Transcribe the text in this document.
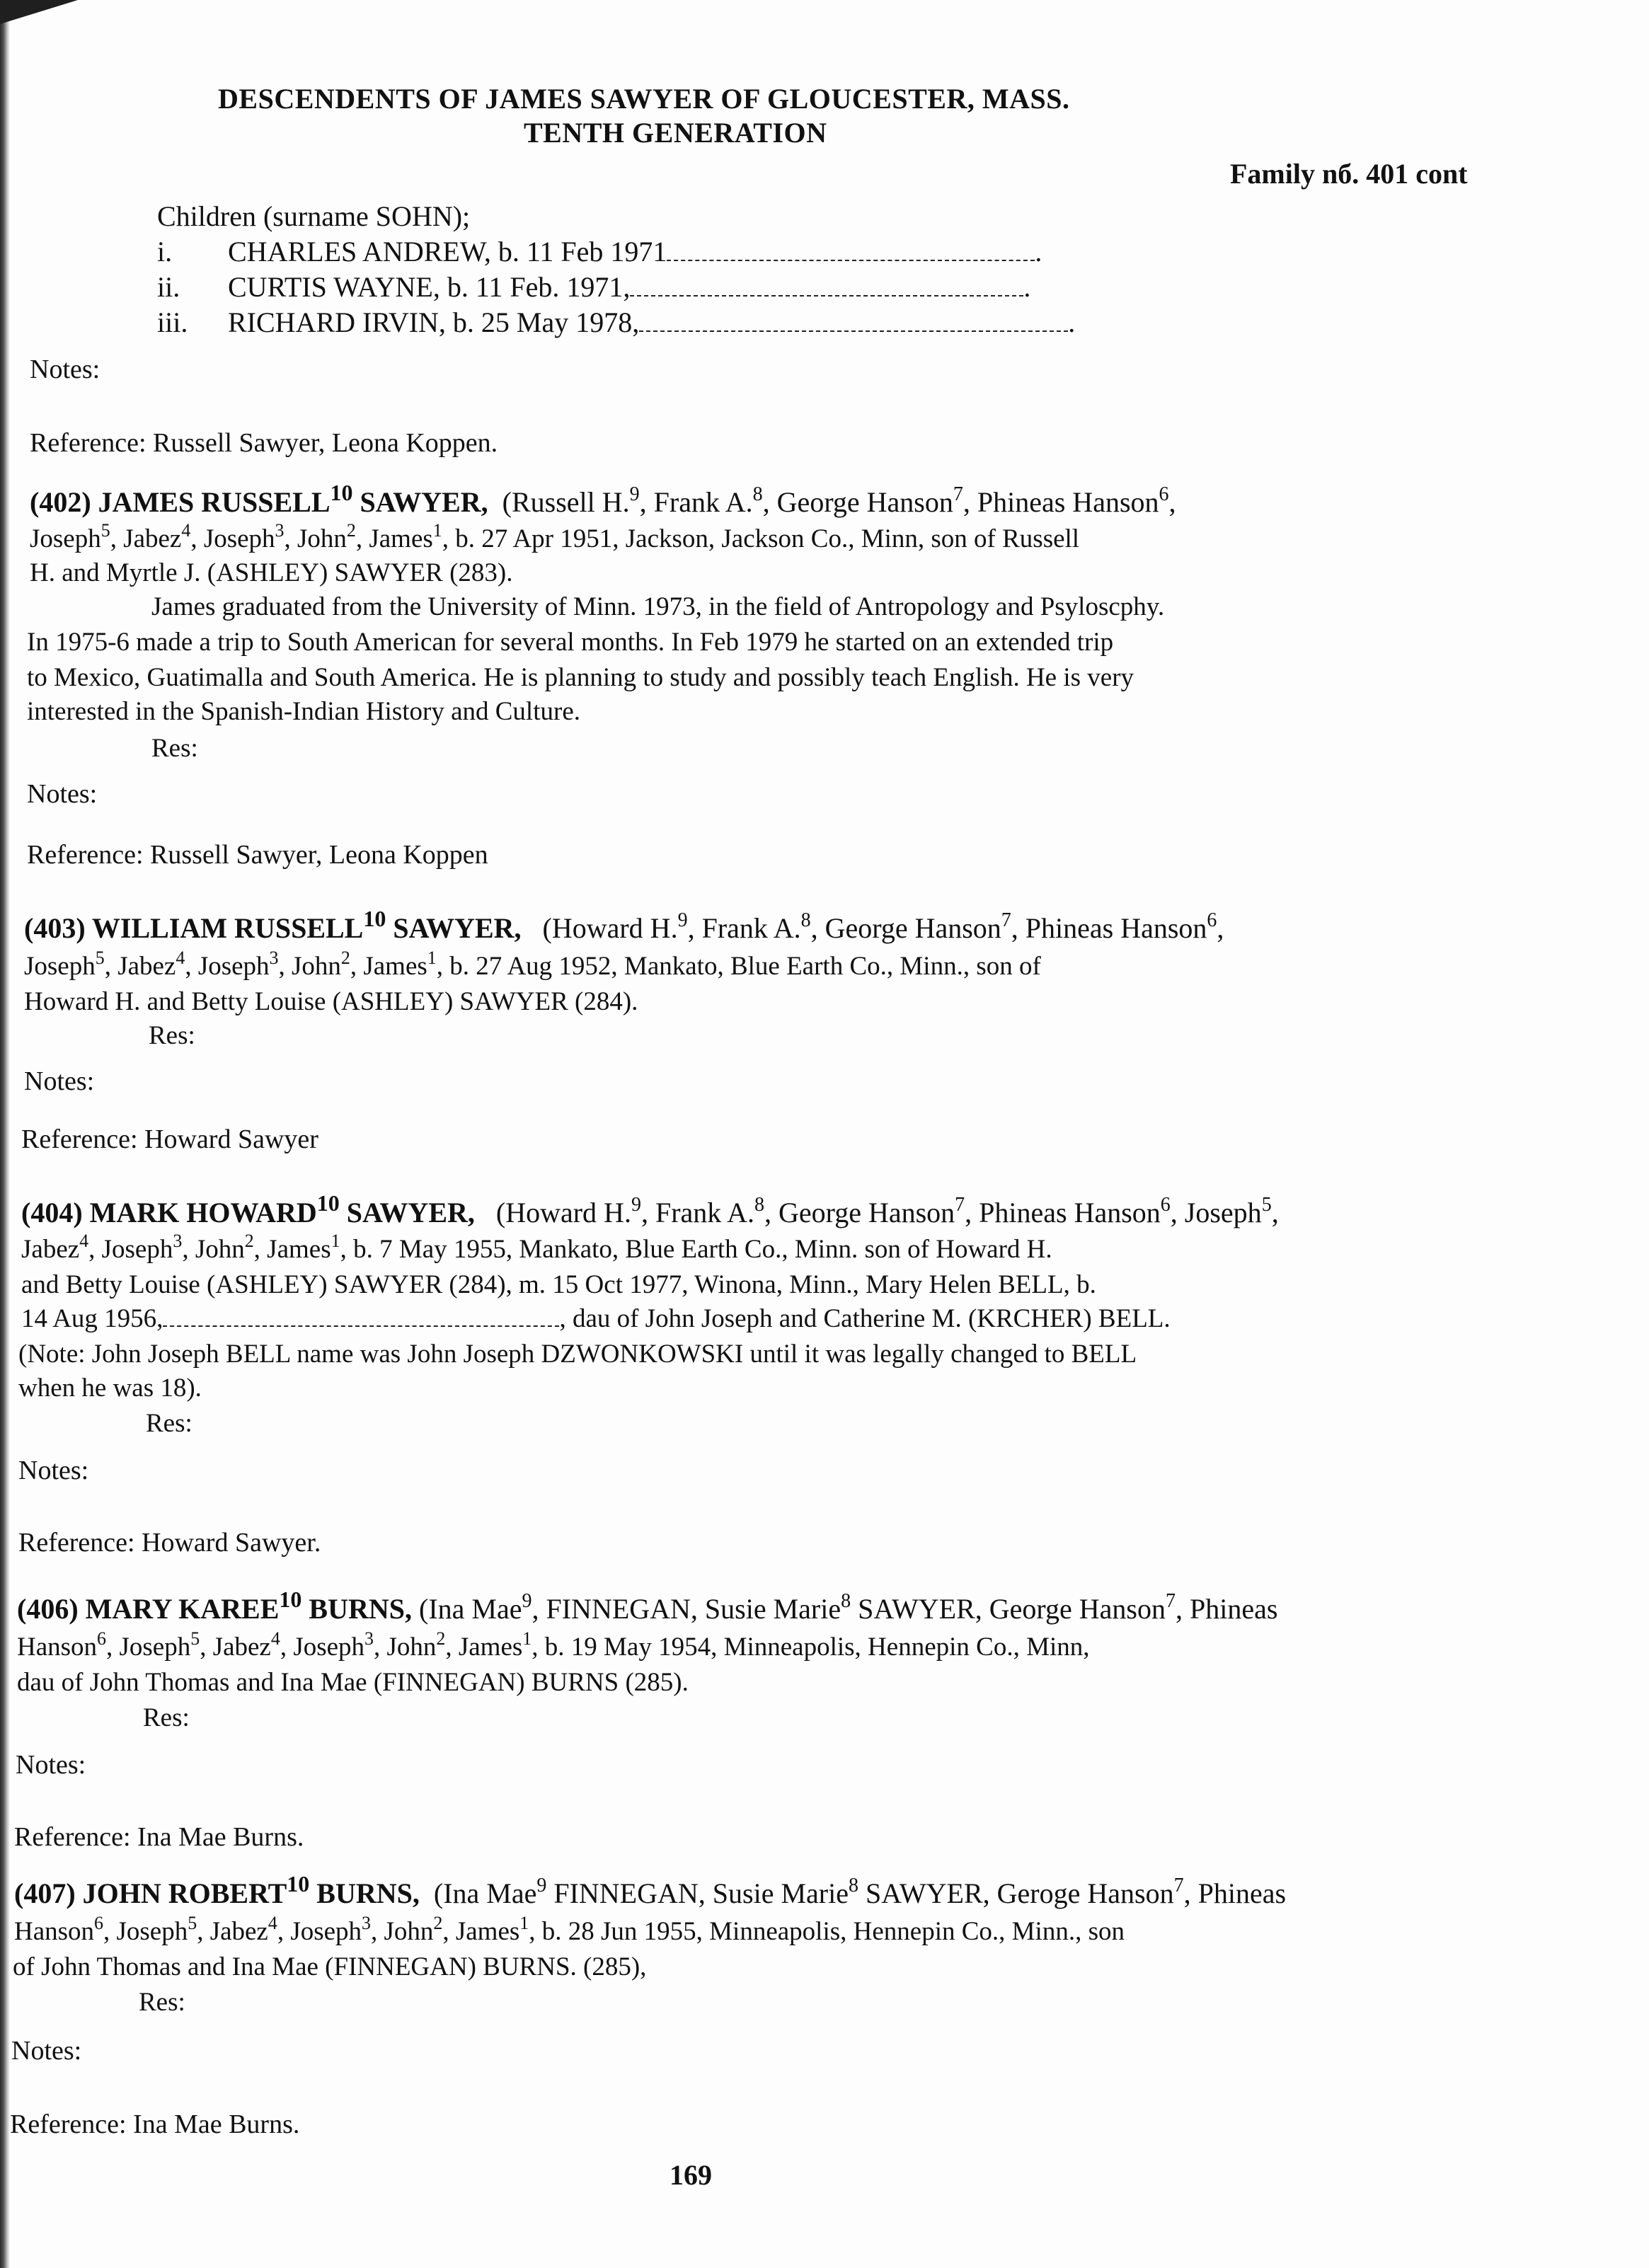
DESCENDENTS OF JAMES SAWYER OF GLOUCESTER, MASS.
TENTH GENERATION
Family nб. 401 cont
Children (surname SOHN);
i. CHARLES ANDREW, b. 11 Feb 1971	.
ii. CURTIS WAYNE, b. 11 Feb. 1971,	.
iii. RICHARD IRVIN, b. 25 May 1978,	.
Notes:
Reference: Russell Sawyer, Leona Koppen.
(402) JAMES RUSSELL$^{10}$ SAWYER, (Russell H.$^9$, Frank A.$^8$, George Hanson$^7$, Phineas Hanson$^6$,
Joseph$^5$, Jabez$^4$, Joseph$^3$, John$^2$, James$^1$, b. 27 Apr 1951, Jackson, Jackson Co., Minn, son of Russell
H. and Myrtle J. (ASHLEY) SAWYER (283).
James graduated from the University of Minn. 1973, in the field of Antropology and Psyloscphy.
In 1975-6 made a trip to South American for several months. In Feb 1979 he started on an extended trip
to Mexico, Guatimalla and South America. He is planning to study and possibly teach English. He is very
interested in the Spanish-Indian History and Culture.
Res:
Notes:
Reference: Russell Sawyer, Leona Koppen
(403) WILLIAM RUSSELL$^{10}$ SAWYER, (Howard H.$^9$, Frank A.$^8$, George Hanson$^7$, Phineas Hanson$^6$,
Joseph$^5$, Jabez$^4$, Joseph$^3$, John$^2$, James$^1$, b. 27 Aug 1952, Mankato, Blue Earth Co., Minn., son of
Howard H. and Betty Louise (ASHLEY) SAWYER (284).
Res:
Notes:
Reference: Howard Sawyer
(404) MARK HOWARD$^{10}$ SAWYER, (Howard H.$^9$, Frank A.$^8$, George Hanson$^7$, Phineas Hanson$^6$, Joseph$^5$,
Jabez$^4$, Joseph$^3$, John$^2$, James$^1$, b. 7 May 1955, Mankato, Blue Earth Co., Minn. son of Howard H.
and Betty Louise (ASHLEY) SAWYER (284), m. 15 Oct 1977, Winona, Minn., Mary Helen BELL, b.
14 Aug 1956,	, dau of John Joseph and Catherine M. (KRCHER) BELL.
(Note: John Joseph BELL name was John Joseph DZWONKOWSKI until it was legally changed to BELL
when he was 18).
Res:
Notes:
Reference: Howard Sawyer.
(406) MARY KAREE$^{10}$ BURNS, (Ina Mae$^9$, FINNEGAN, Susie Marie$^8$ SAWYER, George Hanson$^7$, Phineas
Hanson$^6$, Joseph$^5$, Jabez$^4$, Joseph$^3$, John$^2$, James$^1$, b. 19 May 1954, Minneapolis, Hennepin Co., Minn,
dau of John Thomas and Ina Mae (FINNEGAN) BURNS (285).
Res:
Notes:
Reference: Ina Mae Burns.
(407) JOHN ROBERT$^{10}$ BURNS, (Ina Mae$^9$ FINNEGAN, Susie Marie$^8$ SAWYER, Geroge Hanson$^7$, Phineas
Hanson$^6$, Joseph$^5$, Jabez$^4$, Joseph$^3$, John$^2$, James$^1$, b. 28 Jun 1955, Minneapolis, Hennepin Co., Minn., son
of John Thomas and Ina Mae (FINNEGAN) BURNS. (285),
Res:
Notes:
Reference: Ina Mae Burns.
169
